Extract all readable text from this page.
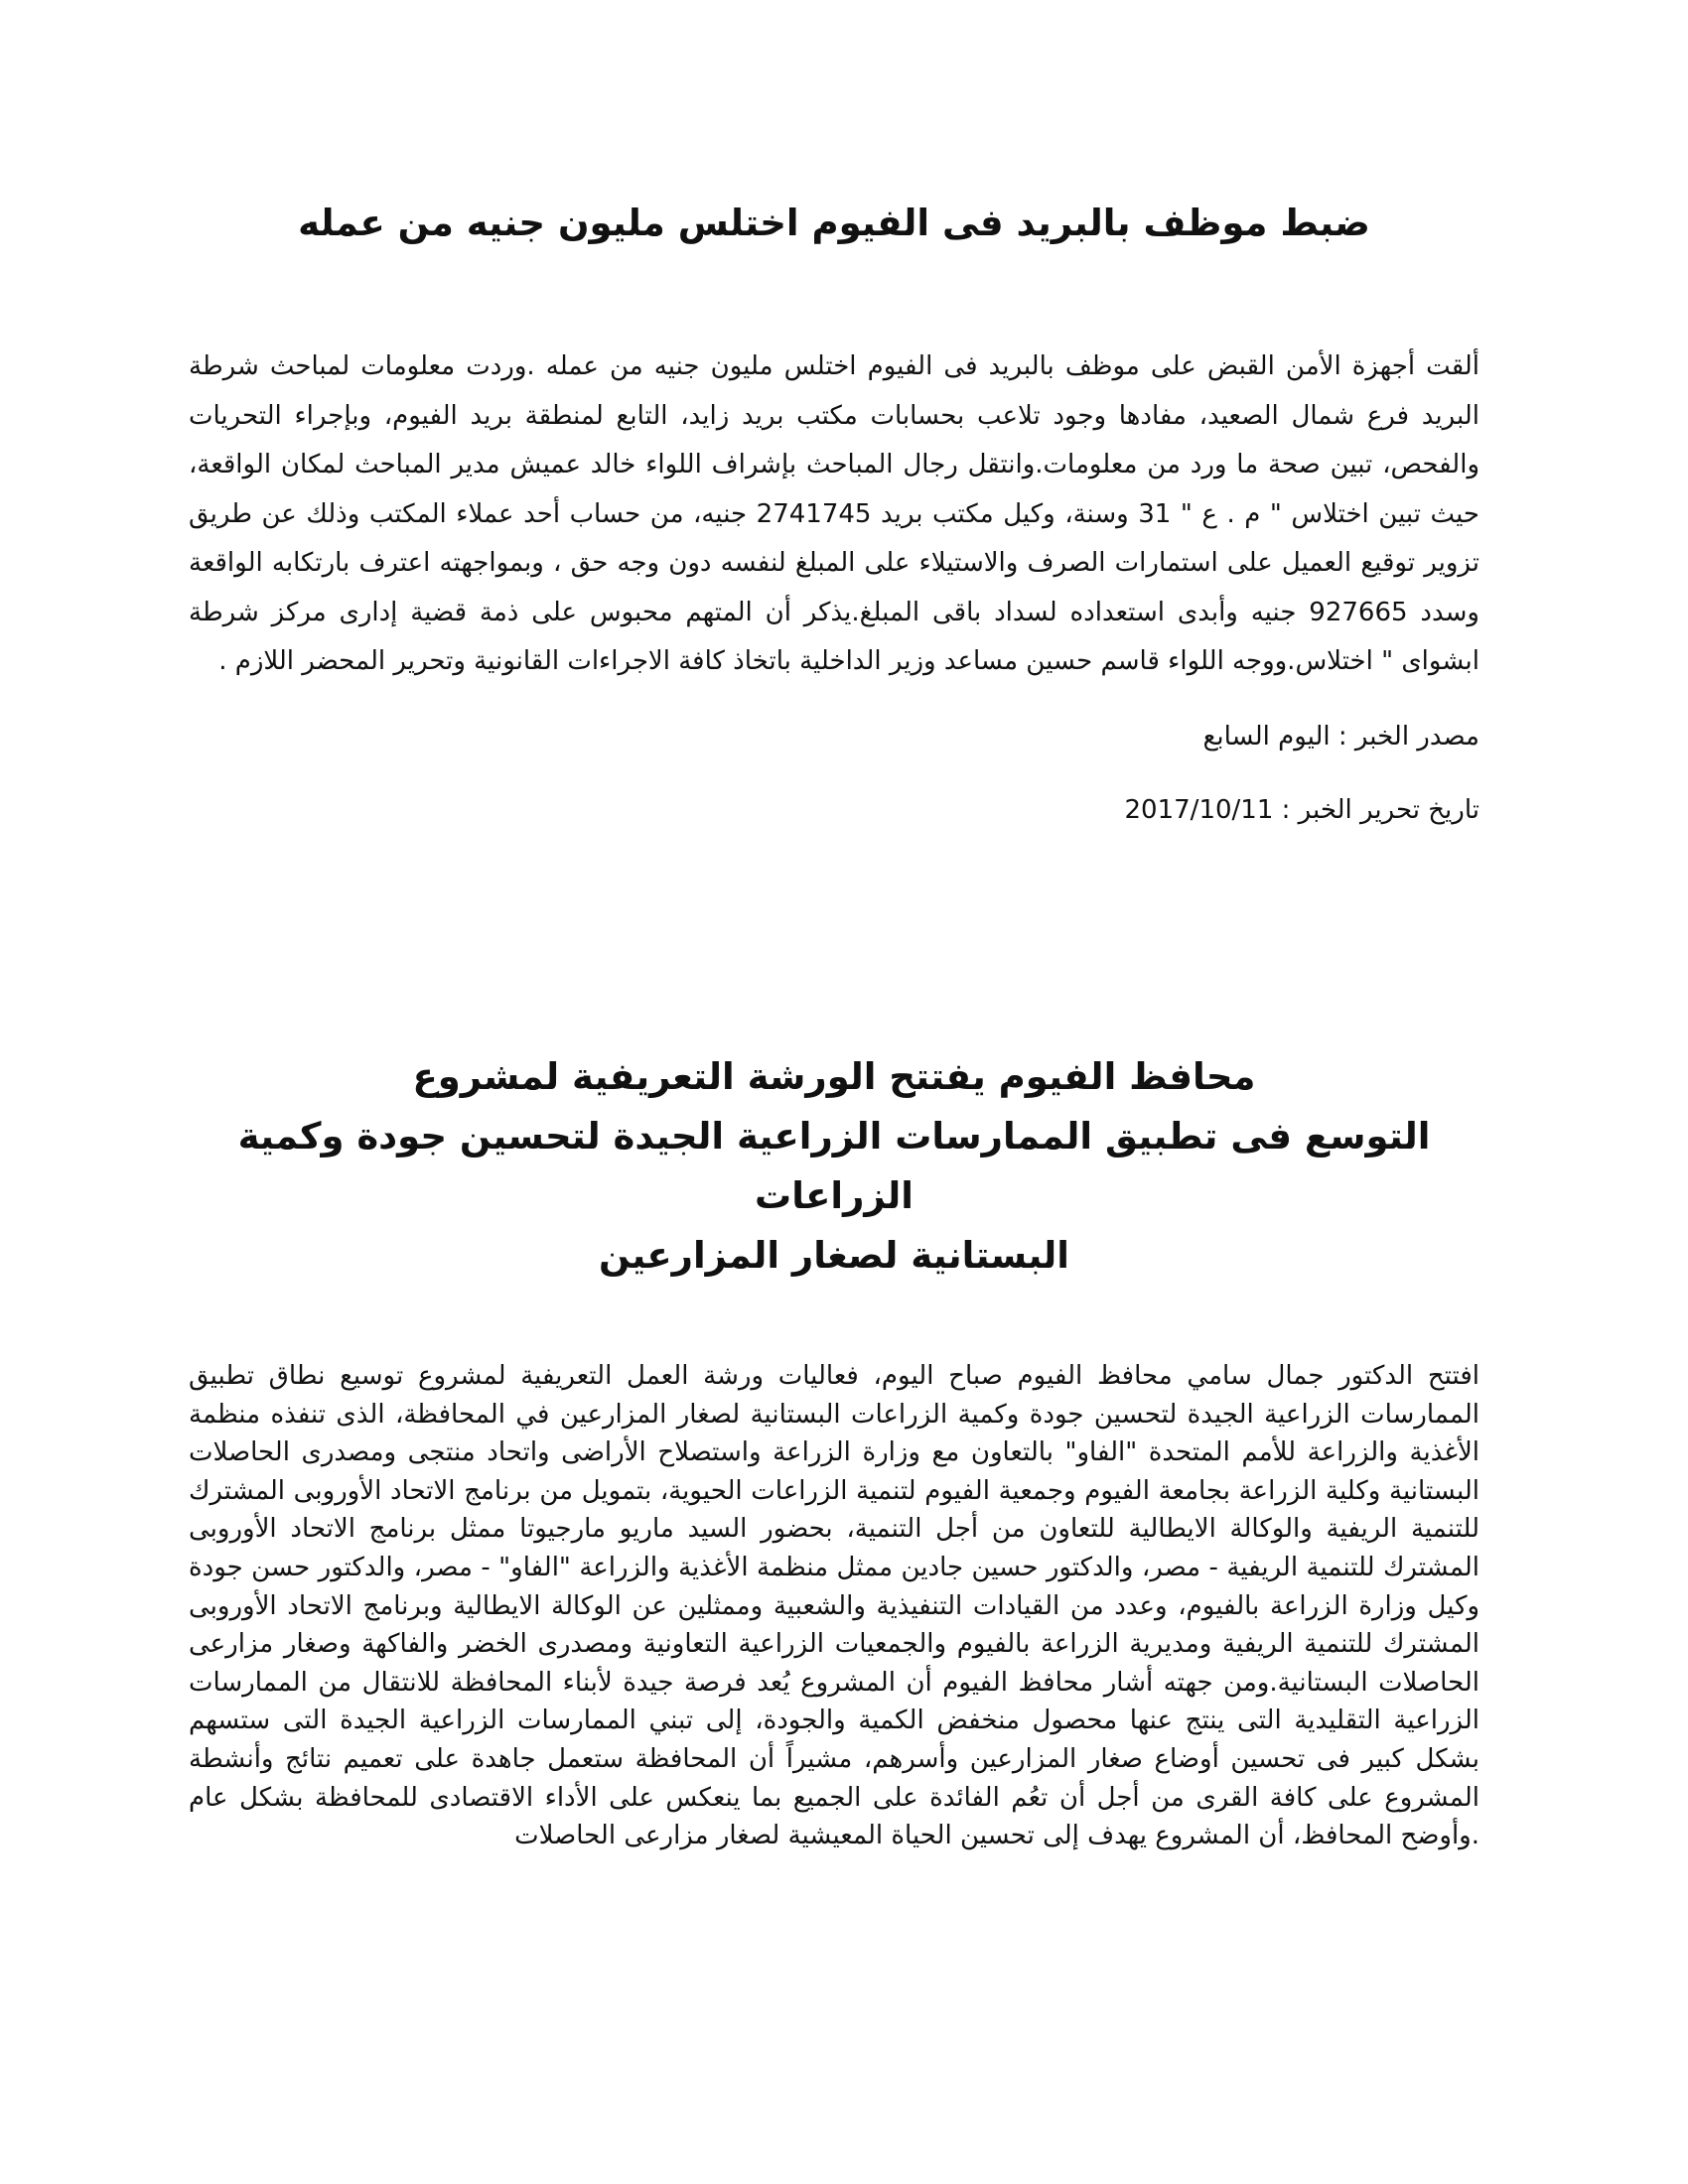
ضبط موظف بالبريد فى الفيوم اختلس مليون جنيه من عمله

ألقت أجهزة الأمن القبض على موظف بالبريد فى الفيوم اختلس مليون جنيه من عمله .وردت معلومات لمباحث شرطة البريد فرع شمال الصعيد، مفادها وجود تلاعب بحسابات مكتب بريد زايد، التابع لمنطقة بريد الفيوم، وبإجراء التحريات والفحص، تبين صحة ما ورد من معلومات.وانتقل رجال المباحث بإشراف اللواء خالد عميش مدير المباحث لمكان الواقعة، حيث تبين اختلاس " م . ع " 31 وسنة، وكيل مكتب بريد 2741745 جنيه، من حساب أحد عملاء المكتب وذلك عن طريق تزوير توقيع العميل على استمارات الصرف والاستيلاء على المبلغ لنفسه دون وجه حق ، وبمواجهته اعترف بارتكابه الواقعة وسدد 927665 جنيه وأبدى استعداده لسداد باقى المبلغ.يذكر أن المتهم محبوس على ذمة قضية إدارى مركز شرطة ابشواى " اختلاس.ووجه اللواء قاسم حسين مساعد وزير الداخلية باتخاذ كافة الاجراءات القانونية وتحرير المحضر اللازم .

مصدر الخبر : اليوم السابع

تاريخ تحرير الخبر : 2017/10/11

محافظ الفيوم يفتتح الورشة التعريفية لمشروع
التوسع فى تطبيق الممارسات الزراعية الجيدة لتحسين جودة وكمية الزراعات
البستانية لصغار المزارعين

افتتح الدكتور جمال سامي محافظ الفيوم صباح اليوم، فعاليات ورشة العمل التعريفية لمشروع توسيع نطاق تطبيق الممارسات الزراعية الجيدة لتحسين جودة وكمية الزراعات البستانية لصغار المزارعين في المحافظة، الذى تنفذه منظمة الأغذية والزراعة للأمم المتحدة "الفاو" بالتعاون مع وزارة الزراعة واستصلاح الأراضى واتحاد منتجى ومصدرى الحاصلات البستانية وكلية الزراعة بجامعة الفيوم وجمعية الفيوم لتنمية الزراعات الحيوية، بتمويل من برنامج الاتحاد الأوروبى المشترك للتنمية الريفية والوكالة الايطالية للتعاون من أجل التنمية، بحضور السيد ماريو مارجيوتا ممثل برنامج الاتحاد الأوروبى المشترك للتنمية الريفية - مصر، والدكتور حسين جادين ممثل منظمة الأغذية والزراعة "الفاو" - مصر، والدكتور حسن جودة وكيل وزارة الزراعة بالفيوم، وعدد من القيادات التنفيذية والشعبية وممثلين عن الوكالة الايطالية وبرنامج الاتحاد الأوروبى المشترك للتنمية الريفية ومديرية الزراعة بالفيوم والجمعيات الزراعية التعاونية ومصدرى الخضر والفاكهة وصغار مزارعى الحاصلات البستانية.ومن جهته أشار محافظ الفيوم أن المشروع يُعد فرصة جيدة لأبناء المحافظة للانتقال من الممارسات الزراعية التقليدية التى ينتج عنها محصول منخفض الكمية والجودة، إلى تبني الممارسات الزراعية الجيدة التى ستسهم بشكل كبير فى تحسين أوضاع صغار المزارعين وأسرهم، مشيراً أن المحافظة ستعمل جاهدة على تعميم نتائج وأنشطة المشروع على كافة القرى من أجل أن تعُم الفائدة على الجميع بما ينعكس على الأداء الاقتصادى للمحافظة بشكل عام .وأوضح المحافظ، أن المشروع يهدف إلى تحسين الحياة المعيشية لصغار مزارعى الحاصلات
